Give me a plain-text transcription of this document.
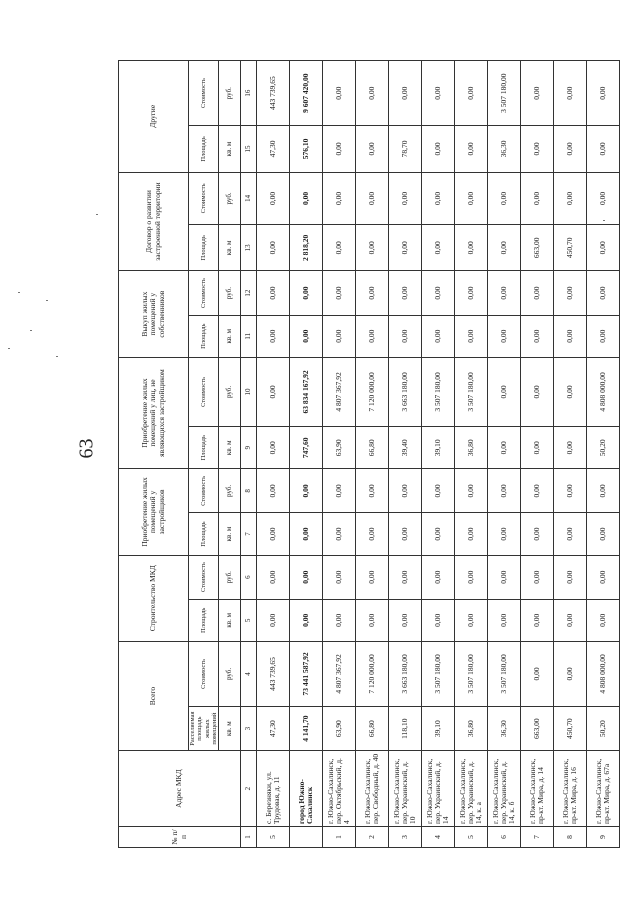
63
№ п/п	Адрес МКД	Всего		Строительство МКД		Приобретение жилых помещений у застройщиков		Приобретение жилых помещений у лиц, не являющихся застройщиком		Выкуп жилых помещений у собственников		Договор о развитии застроенной территории		Другие	
		Расселяемая площадь жилых помещений	Стоимость	Площадь	Стоимость	Площадь	Стоимость	Площадь	Стоимость	Площадь	Стоимость	Площадь	Стоимость	Площадь	Стоимость
		кв. м	руб.	кв. м	руб.	кв. м	руб.	кв. м	руб.	кв. м	руб.	кв. м	руб.	кв. м	руб.
1	2	3	4	5	6	7	8	9	10	11	12	13	14	15	16
5	с. Березняки, ул. Трудовая, д. 11	47,30	443 739,65	0,00	0,00	0,00	0,00	0,00	0,00	0,00	0,00	0,00	0,00	47,30	443 739,65
	город Южно-Сахалинск	4 141,70	73 441 587,92	0,00	0,00	0,00	0,00	747,60	63 834 167,92	0,00	0,00	2 818,20	0,00	576,10	9 607 420,00
1	г. Южно-Сахалинск, пер. Октябрьский, д. 4	63,90	4 807 367,92	0,00	0,00	0,00	0,00	63,90	4 807 367,92	0,00	0,00	0,00	0,00	0,00	0,00
2	г. Южно-Сахалинск, пер. Свободный, д. 40	66,80	7 120 000,00	0,00	0,00	0,00	0,00	66,80	7 120 000,00	0,00	0,00	0,00	0,00	0,00	0,00
3	г. Южно-Сахалинск, пер. Украинский, д. 10	118,10	3 663 180,00	0,00	0,00	0,00	0,00	39,40	3 663 180,00	0,00	0,00	0,00	0,00	78,70	0,00
4	г. Южно-Сахалинск, пер. Украинский, д. 14	39,10	3 507 180,00	0,00	0,00	0,00	0,00	39,10	3 507 180,00	0,00	0,00	0,00	0,00	0,00	0,00
5	г. Южно-Сахалинск, пер. Украинский, д. 14, к. а	36,80	3 507 180,00	0,00	0,00	0,00	0,00	36,80	3 507 180,00	0,00	0,00	0,00	0,00	0,00	0,00
6	г. Южно-Сахалинск, пер. Украинский, д. 14, к. б	36,30	3 507 180,00	0,00	0,00	0,00	0,00	0,00	0,00	0,00	0,00	0,00	0,00	36,30	3 507 180,00
7	г. Южно-Сахалинск, пр-кт. Мира, д. 14	663,00	0,00	0,00	0,00	0,00	0,00	0,00	0,00	0,00	0,00	663,00	0,00	0,00	0,00
8	г. Южно-Сахалинск, пр-кт. Мира, д. 16	450,70	0,00	0,00	0,00	0,00	0,00	0,00	0,00	0,00	0,00	450,70	0,00	0,00	0,00
9	г. Южно-Сахалинск, пр-кт. Мира, д. 67а	50,20	4 808 000,00	0,00	0,00	0,00	0,00	50,20	4 808 000,00	0,00	0,00	0,00	0,00	0,00	0,00
